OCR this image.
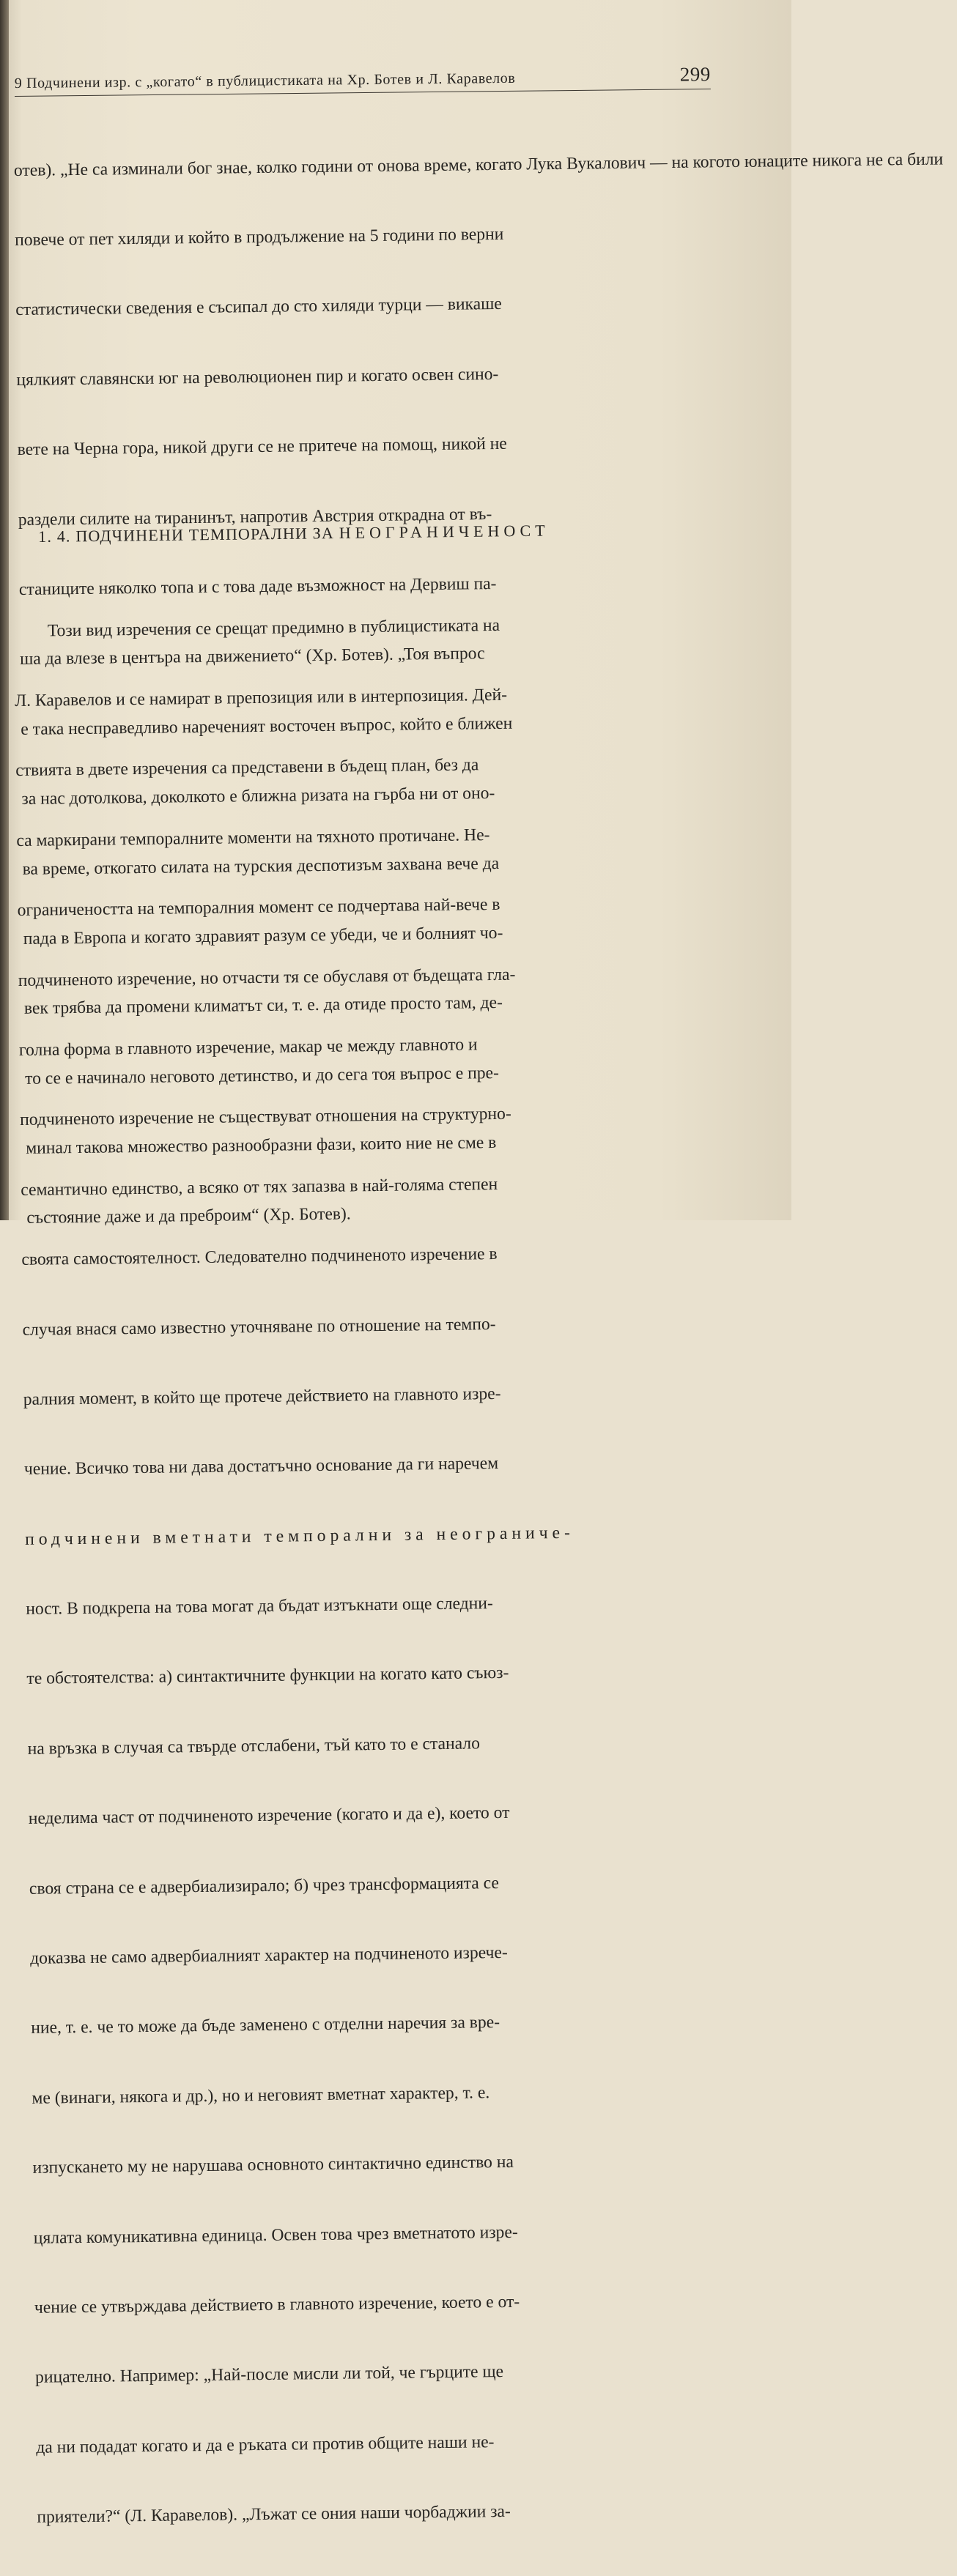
9 Подчинени изр. с „когато“ в публицистиката на Хр. Ботев и Л. Каравелов	299

отев). „Не са изминали бог знае, колко години от онова време, когато Лука Вукалович — на когото юнаците никога не са били

повече от пет хиляди и който в продължение на 5 години по верни

статистически сведения е съсипал до сто хиляди турци — викаше

цялкият славянски юг на революционен пир и когато освен сино-

вете на Черна гора, никой други се не притече на помощ, никой не

раздели силите на тиранинът, напротив Австрия открадна от въ-

станиците няколко топа и с това даде възможност на Дервиш па-

ша да влезе в центъра на движението“ (Хр. Ботев). „Тоя въпрос

е така несправедливо нареченият восточен въпрос, който е ближен

за нас дотолкова, доколкото е ближна ризата на гърба ни от оно-

ва време, откогато силата на турския деспотизъм захвана вече да

пада в Европа и когато здравият разум се убеди, че и болният чо-

век трябва да промени климатът си, т. е. да отиде просто там, де-

то се е начинало неговото детинство, и до сега тоя въпрос е пре-

минал такова множество разнообразни фази, които ние не сме в

състояние даже и да преброим“ (Хр. Ботев).

1. 4. ПОДЧИНЕНИ ТЕМПОРАЛНИ ЗА НЕОГРАНИЧЕНОСТ

Този вид изречения се срещат предимно в публицистиката на

Л. Каравелов и се намират в препозиция или в интерпозиция. Дей-

ствията в двете изречения са представени в бъдещ план, без да

са маркирани темпоралните моменти на тяхното протичане. Не-

ограничеността на темпоралния момент се подчертава най-вече в

подчиненото изречение, но отчасти тя се обуславя от бъдещата гла-

голна форма в главното изречение, макар че между главното и

подчиненото изречение не съществуват отношения на структурно-

семантично единство, а всяко от тях запазва в най-голяма степен

своята самостоятелност. Следователно подчиненото изречение в

случая внася само известно уточняване по отношение на темпо-

ралния момент, в който ще протече действието на главното изре-

чение. Всичко това ни дава достатъчно основание да ги наречем

подчинени вметнати темпорални за неограниче-

ност. В подкрепа на това могат да бъдат изтъкнати още следни-

те обстоятелства: а) синтактичните функции на когато като съюз-

на връзка в случая са твърде отслабени, тъй като то е станало

неделима част от подчиненото изречение (когато и да е), което от

своя страна се е адвербиализирало; б) чрез трансформацията се

доказва не само адвербиалният характер на подчиненото изрече-

ние, т. е. че то може да бъде заменено с отделни наречия за вре-

ме (винаги, някога и др.), но и неговият вметнат характер, т. е.

изпускането му не нарушава основното синтактично единство на

цялата комуникативна единица. Освен това чрез вметнатото изре-

чение се утвърждава действието в главното изречение, което е от-

рицателно. Например: „Най-после мисли ли той, че гърците ще

да ни подадат когато и да е ръката си против общите наши не-

приятели?“ (Л. Каравелов). „Лъжат се ония наши чорбаджии за-
